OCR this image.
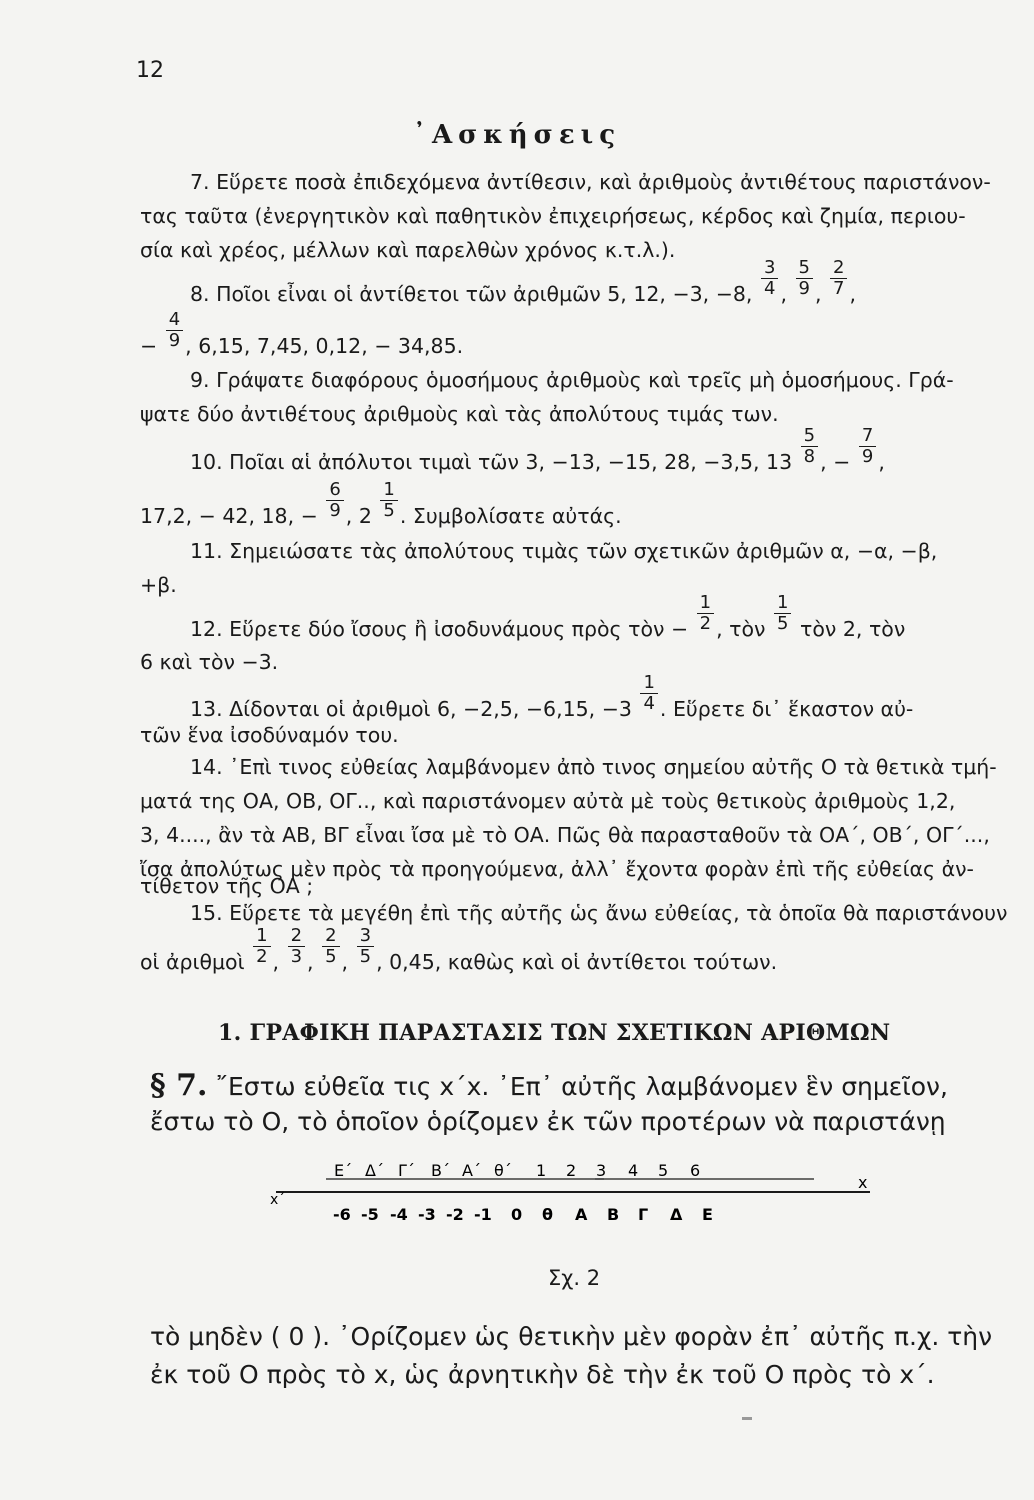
12
᾿Ασκήσεις
7. Εὕρετε ποσὰ ἐπιδεχόμενα ἀντίθεσιν, καὶ ἀριθμοὺς ἀντιθέτους παριστάνον-
τας ταῦτα (ἐνεργητικὸν καὶ παθητικὸν ἐπιχειρήσεως, κέρδος καὶ ζημία, περιου-
σία καὶ χρέος, μέλλων καὶ παρελθὼν χρόνος κ.τ.λ.).
8. Ποῖοι εἶναι οἱ ἀντίθετοι τῶν ἀριθμῶν 5, 12, −3, −8, $\frac{3}{4}$ , $\frac{5}{9}$ , $\frac{2}{7}$ ,
− $\frac{4}{9}$ , 6,15, 7,45, 0,12, − 34,85.
9. Γράψατε διαφόρους ὁμοσήμους ἀριθμοὺς καὶ τρεῖς μὴ ὁμοσήμους. Γρά-
ψατε δύο ἀντιθέτους ἀριθμοὺς καὶ τὰς ἀπολύτους τιμάς των.
10. Ποῖαι αἱ ἀπόλυτοι τιμαὶ τῶν 3, −13, −15, 28, −3,5, $13 \frac{5}{8}$ , − $\frac{7}{9}$ ,
17,2, − 42, 18, − $\frac{6}{9}$ , $2 \frac{1}{5}$ . Συμβολίσατε αὐτάς.
11. Σημειώσατε τὰς ἀπολύτους τιμὰς τῶν σχετικῶν ἀριθμῶν α, −α, −β,
+β.
12. Εὕρετε δύο ἴσους ἢ ἰσοδυνάμους πρὸς τὸν − $\frac{1}{2}$ , τὸν $\frac{1}{5}$ τὸν 2, τὸν
6 καὶ τὸν −3.
13. Δίδονται οἱ ἀριθμοὶ 6, −2,5, −6,15, $-3 \frac{1}{4}$ . Εὕρετε δι᾿ ἕκαστον αὐ-
τῶν ἕνα ἰσοδύναμόν του.
14. ᾿Επὶ τινος εὐθείας λαμβάνομεν ἀπὸ τινος σημείου αὐτῆς Ο τὰ θετικὰ τμή-
ματά της ΟΑ, ΟΒ, ΟΓ.., καὶ παριστάνομεν αὐτὰ μὲ τοὺς θετικοὺς ἀριθμοὺς 1,2,
3, 4...., ἂν τὰ ΑΒ, ΒΓ εἶναι ἴσα μὲ τὸ ΟΑ. Πῶς θὰ παρασταθοῦν τὰ ΟΑ΄, ΟΒ΄, ΟΓ΄...,
ἴσα ἀπολύτως μὲν πρὸς τὰ προηγούμενα, ἀλλ᾿ ἔχοντα φορὰν ἐπὶ τῆς εὐθείας ἀν-
τίθετον τῆς ΟΑ ;
15. Εὕρετε τὰ μεγέθη ἐπὶ τῆς αὐτῆς ὡς ἄνω εὐθείας, τὰ ὁποῖα θὰ παριστάνουν
οἱ ἀριθμοὶ $\frac{1}{2}$ , $\frac{2}{3}$ , $\frac{2}{5}$ , $\frac{3}{5}$ , 0,45, καθὼς καὶ οἱ ἀντίθετοι τούτων.
1. ΓΡΑΦΙΚΗ ΠΑΡΑΣΤΑΣΙΣ ΤΩΝ ΣΧΕΤΙΚΩΝ ΑΡΙΘΜΩΝ
§ 7. ῎Εστω εὐθεῖα τις x΄x. ᾿Επ᾿ αὐτῆς λαμβάνομεν ἓν σημεῖον,
ἔστω τὸ Ο, τὸ ὁποῖον ὁρίζομεν ἐκ τῶν προτέρων νὰ παριστάνῃ
x΄
x
Ε΄ Δ΄ Γ΄ Β΄ Α΄ θ΄ 1 2 3 4 5 6
-6 -5 -4 -3 -2 -1 0 θ Α Β Γ Δ Ε
Σχ. 2
τὸ μηδὲν ( 0 ). ᾿Ορίζομεν ὡς θετικὴν μὲν φορὰν ἐπ᾿ αὐτῆς π.χ. τὴν
ἐκ τοῦ Ο πρὸς τὸ x, ὡς ἀρνητικὴν δὲ τὴν ἐκ τοῦ Ο πρὸς τὸ x΄.
